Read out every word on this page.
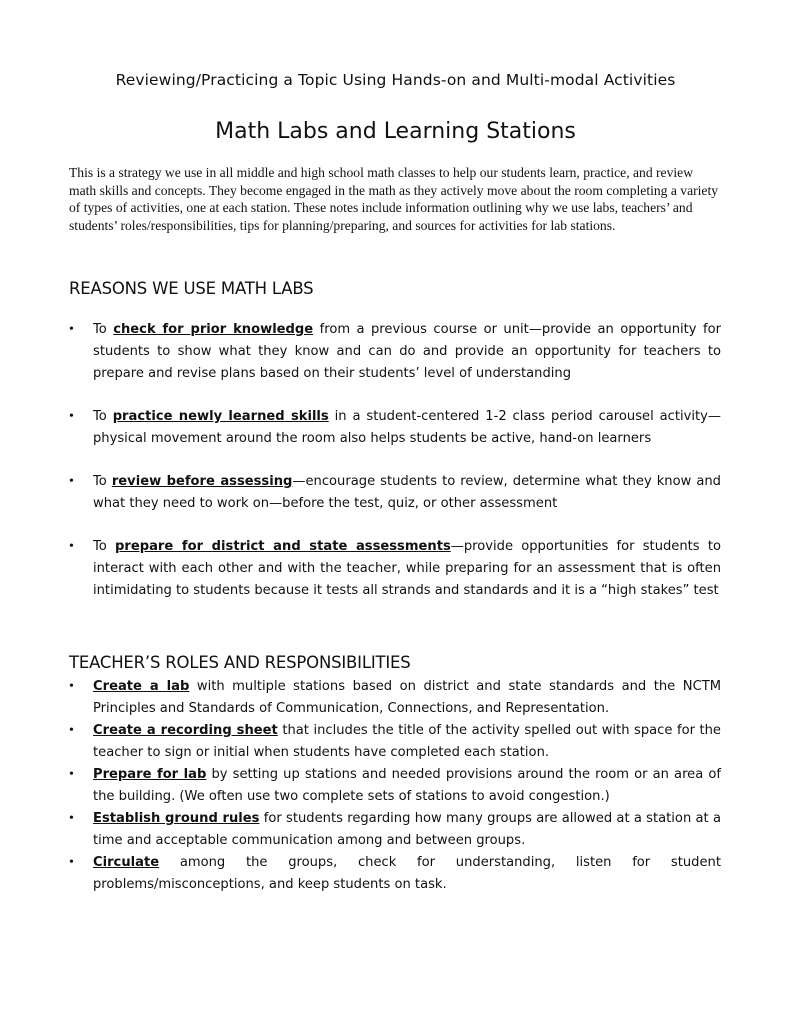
Reviewing/Practicing a Topic Using Hands-on and Multi-modal Activities
Math Labs and Learning Stations
This is a strategy we use in all middle and high school math classes to help our students learn, practice, and review math skills and concepts. They become engaged in the math as they actively move about the room completing a variety of types of activities, one at each station. These notes include information outlining why we use labs, teachers’ and students’ roles/responsibilities, tips for planning/preparing, and sources for activities for lab stations.
REASONS WE USE MATH LABS
•	To check for prior knowledge from a previous course or unit—provide an opportunity for students to show what they know and can do and provide an opportunity for teachers to prepare and revise plans based on their students’ level of understanding
•	To practice newly learned skills in a student-centered 1-2 class period carousel activity—physical movement around the room also helps students be active, hand-on learners
•	To review before assessing—encourage students to review, determine what they know and what they need to work on—before the test, quiz, or other assessment
•	To prepare for district and state assessments—provide opportunities for students to interact with each other and with the teacher, while preparing for an assessment that is often intimidating to students because it tests all strands and standards and it is a “high stakes” test
TEACHER’S ROLES AND RESPONSIBILITIES
•	Create a lab with multiple stations based on district and state standards and the NCTM Principles and Standards of Communication, Connections, and Representation.
•	Create a recording sheet that includes the title of the activity spelled out with space for the teacher to sign or initial when students have completed each station.
•	Prepare for lab by setting up stations and needed provisions around the room or an area of the building. (We often use two complete sets of stations to avoid congestion.)
•	Establish ground rules for students regarding how many groups are allowed at a station at a time and acceptable communication among and between groups.
•	Circulate among the groups, check for understanding, listen for student problems/misconceptions, and keep students on task.
